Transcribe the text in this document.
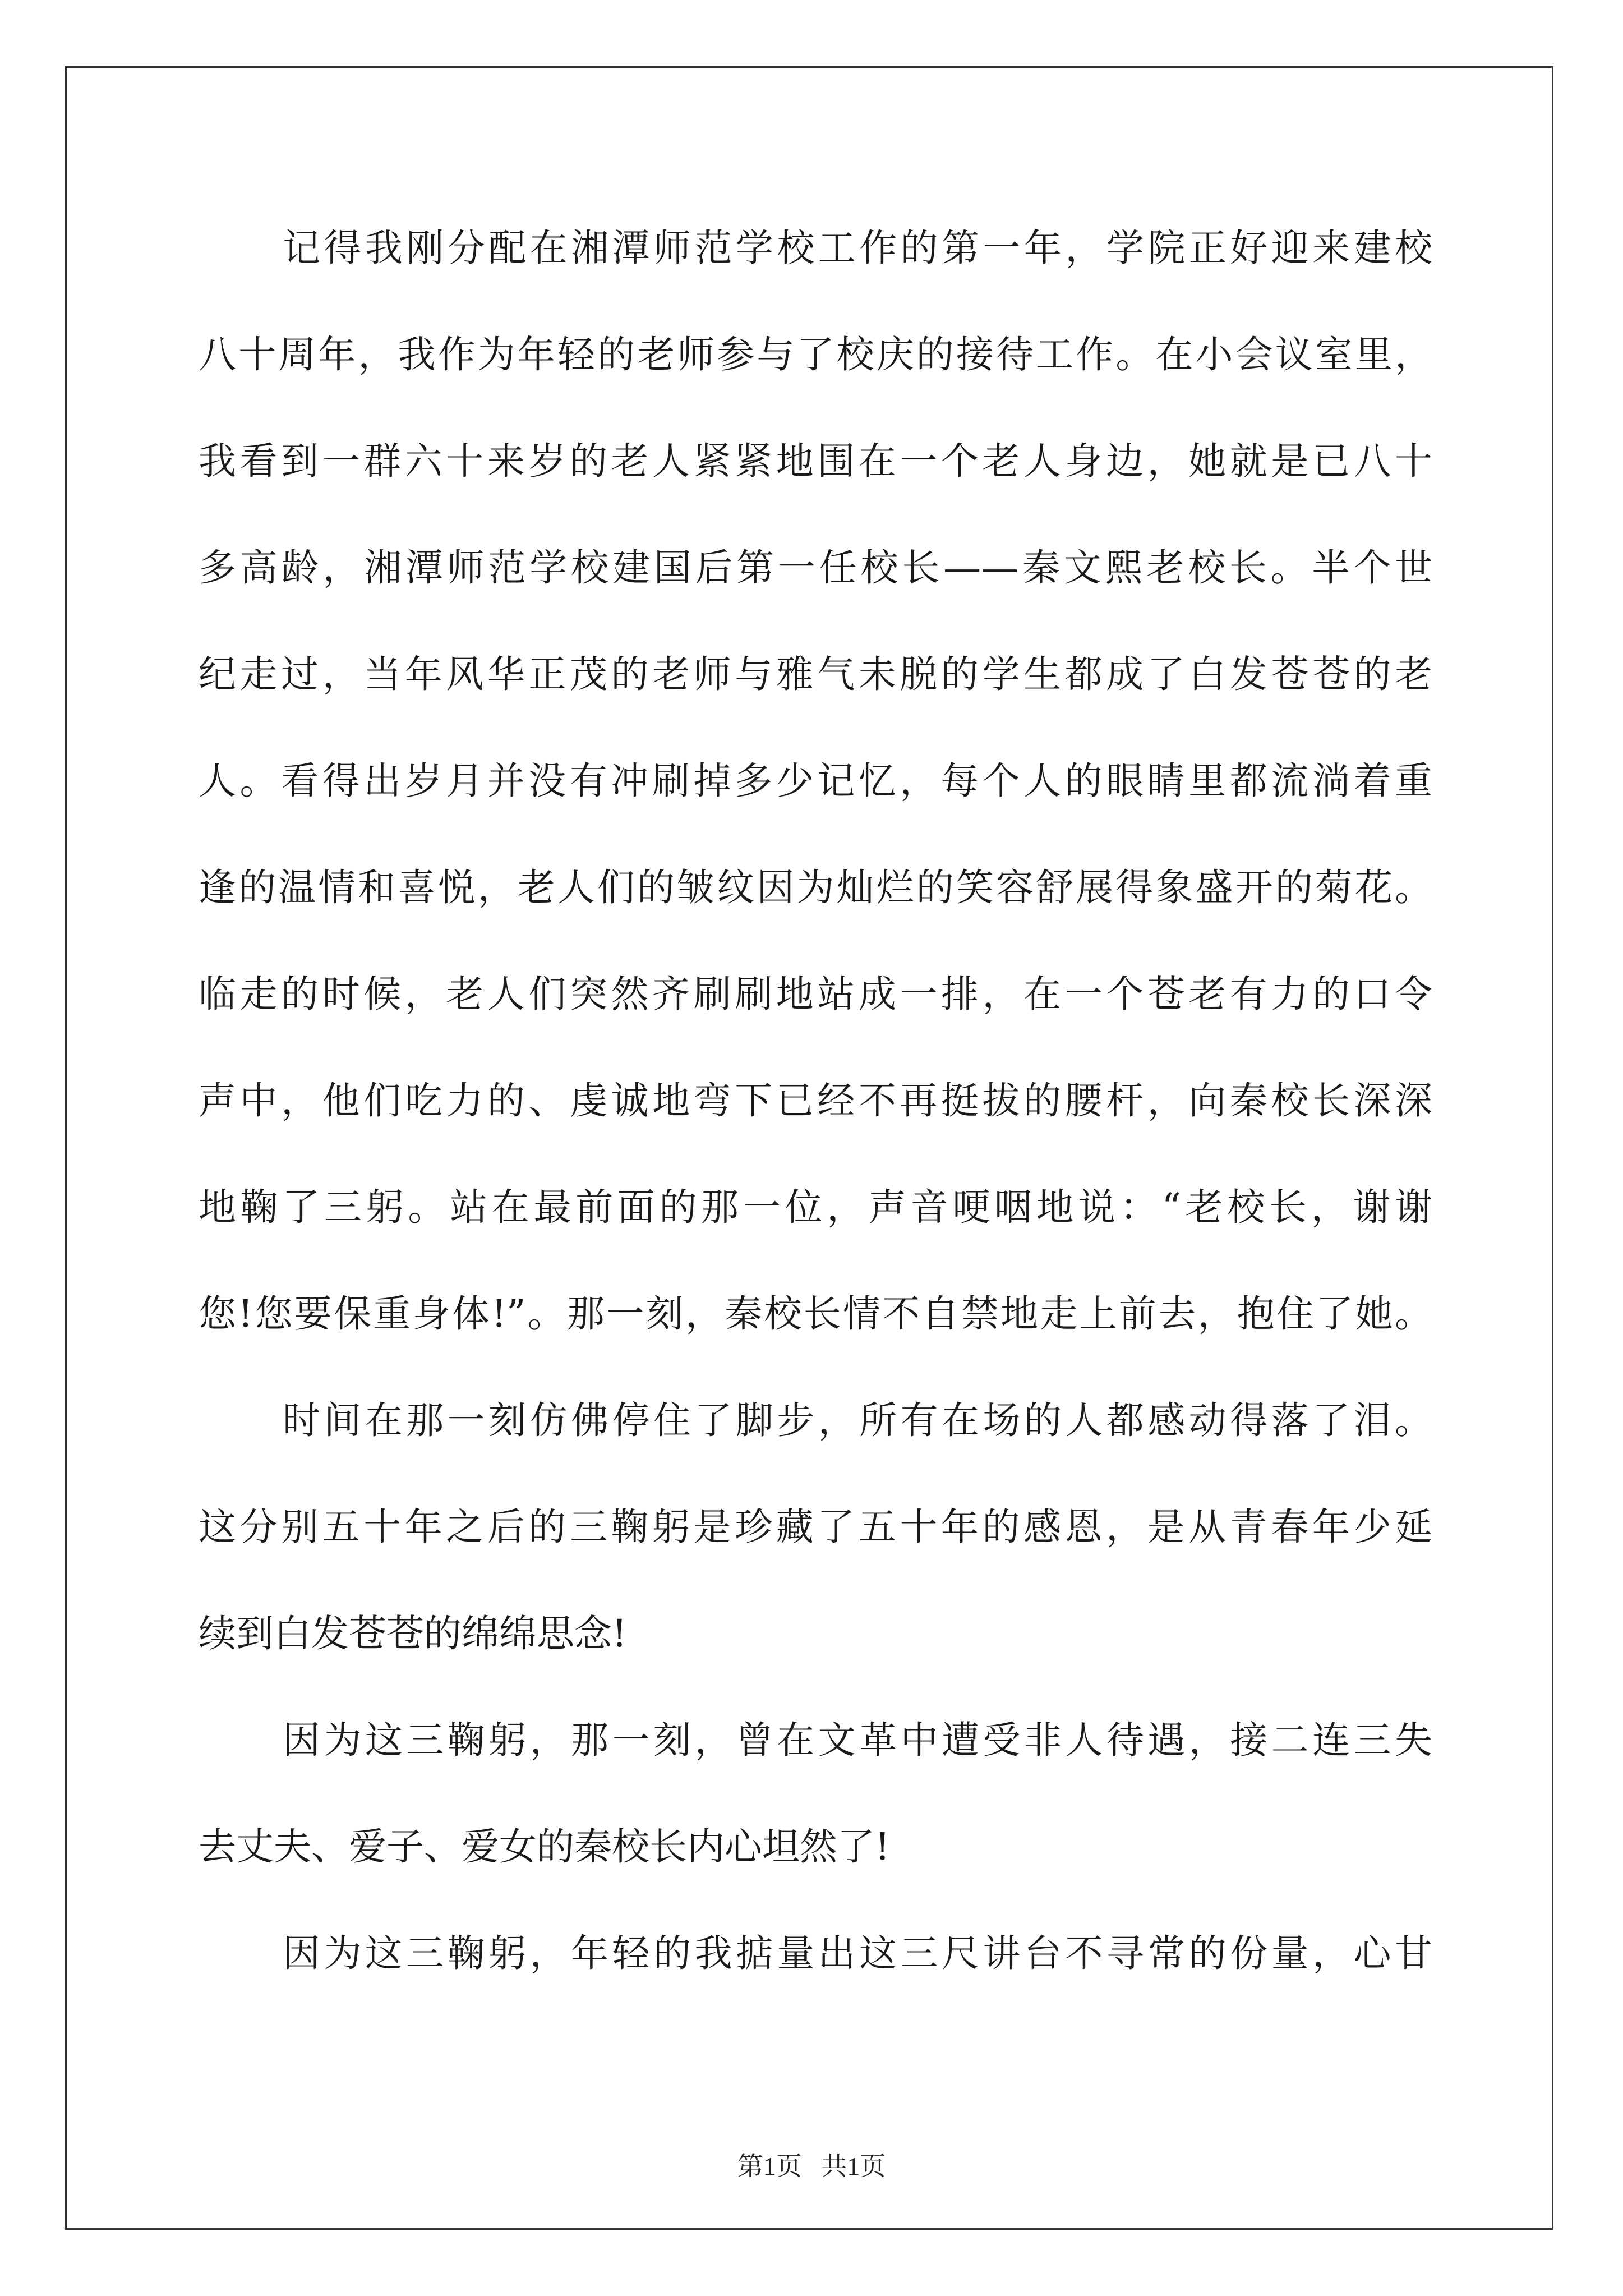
记得我刚分配在湘潭师范学校工作的第一年，学院正好迎来建校
八十周年，我作为年轻的老师参与了校庆的接待工作。在小会议室里，
我看到一群六十来岁的老人紧紧地围在一个老人身边，她就是已八十
多高龄，湘潭师范学校建国后第一任校长——秦文熙老校长。半个世
纪走过，当年风华正茂的老师与雅气未脱的学生都成了白发苍苍的老
人。看得出岁月并没有冲刷掉多少记忆，每个人的眼睛里都流淌着重
逢的温情和喜悦，老人们的皱纹因为灿烂的笑容舒展得象盛开的菊花。
临走的时候，老人们突然齐刷刷地站成一排，在一个苍老有力的口令
声中，他们吃力的、虔诚地弯下已经不再挺拔的腰杆，向秦校长深深
地鞠了三躬。站在最前面的那一位，声音哽咽地说：“老校长，谢谢
您!您要保重身体!”。那一刻，秦校长情不自禁地走上前去，抱住了她。
时间在那一刻仿佛停住了脚步，所有在场的人都感动得落了泪。
这分别五十年之后的三鞠躬是珍藏了五十年的感恩，是从青春年少延
续到白发苍苍的绵绵思念!
因为这三鞠躬，那一刻，曾在文革中遭受非人待遇，接二连三失
去丈夫、爱子、爱女的秦校长内心坦然了!
因为这三鞠躬，年轻的我掂量出这三尺讲台不寻常的份量，心甘
第1页 共1页
